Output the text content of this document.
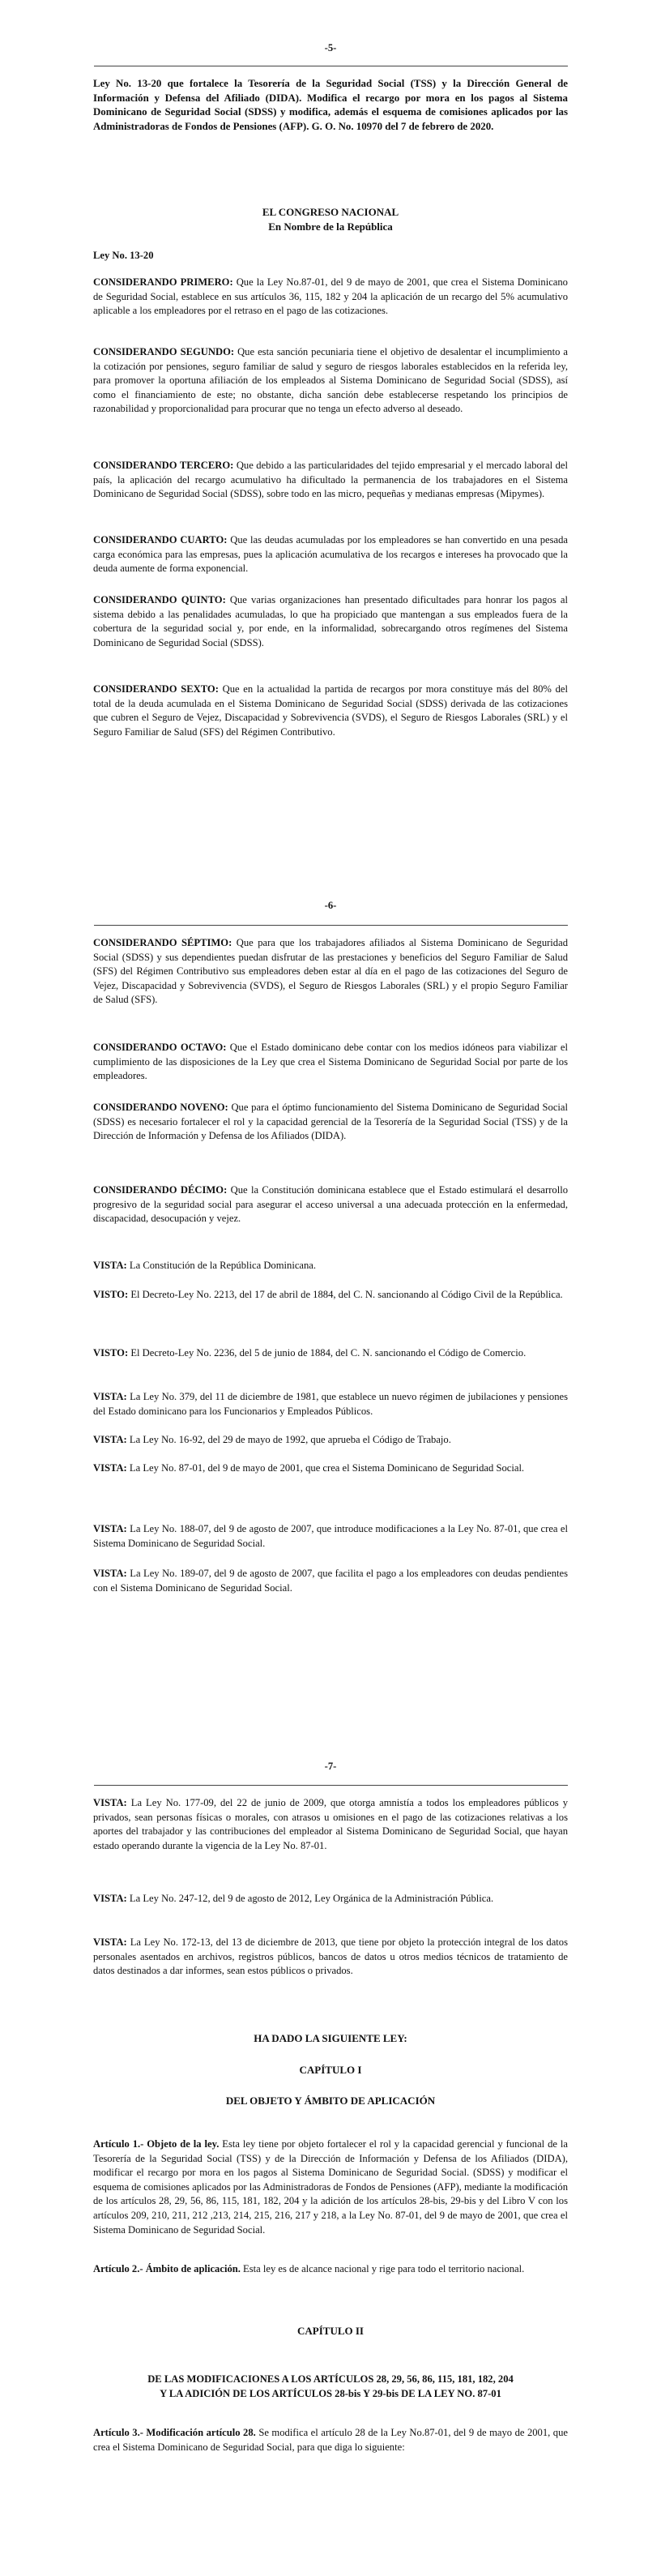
-5-
Ley No. 13-20 que fortalece la Tesorería de la Seguridad Social (TSS) y la Dirección General de Información y Defensa del Afiliado (DIDA). Modifica el recargo por mora en los pagos al Sistema Dominicano de Seguridad Social (SDSS) y modifica, además el esquema de comisiones aplicados por las Administradoras de Fondos de Pensiones (AFP). G. O. No. 10970 del 7 de febrero de 2020.
EL CONGRESO NACIONAL
En Nombre de la República
Ley No. 13-20
CONSIDERANDO PRIMERO: Que la Ley No.87-01, del 9 de mayo de 2001, que crea el Sistema Dominicano de Seguridad Social, establece en sus artículos 36, 115, 182 y 204 la aplicación de un recargo del 5% acumulativo aplicable a los empleadores por el retraso en el pago de las cotizaciones.
CONSIDERANDO SEGUNDO: Que esta sanción pecuniaria tiene el objetivo de desalentar el incumplimiento a la cotización por pensiones, seguro familiar de salud y seguro de riesgos laborales establecidos en la referida ley, para promover la oportuna afiliación de los empleados al Sistema Dominicano de Seguridad Social (SDSS), así como el financiamiento de este; no obstante, dicha sanción debe establecerse respetando los principios de razonabilidad y proporcionalidad para procurar que no tenga un efecto adverso al deseado.
CONSIDERANDO TERCERO: Que debido a las particularidades del tejido empresarial y el mercado laboral del país, la aplicación del recargo acumulativo ha dificultado la permanencia de los trabajadores en el Sistema Dominicano de Seguridad Social (SDSS), sobre todo en las micro, pequeñas y medianas empresas (Mipymes).
CONSIDERANDO CUARTO: Que las deudas acumuladas por los empleadores se han convertido en una pesada carga económica para las empresas, pues la aplicación acumulativa de los recargos e intereses ha provocado que la deuda aumente de forma exponencial.
CONSIDERANDO QUINTO: Que varias organizaciones han presentado dificultades para honrar los pagos al sistema debido a las penalidades acumuladas, lo que ha propiciado que mantengan a sus empleados fuera de la cobertura de la seguridad social y, por ende, en la informalidad, sobrecargando otros regímenes del Sistema Dominicano de Seguridad Social (SDSS).
CONSIDERANDO SEXTO: Que en la actualidad la partida de recargos por mora constituye más del 80% del total de la deuda acumulada en el Sistema Dominicano de Seguridad Social (SDSS) derivada de las cotizaciones que cubren el Seguro de Vejez, Discapacidad y Sobrevivencia (SVDS), el Seguro de Riesgos Laborales (SRL) y el Seguro Familiar de Salud (SFS) del Régimen Contributivo.
-6-
CONSIDERANDO SÉPTIMO: Que para que los trabajadores afiliados al Sistema Dominicano de Seguridad Social (SDSS) y sus dependientes puedan disfrutar de las prestaciones y beneficios del Seguro Familiar de Salud (SFS) del Régimen Contributivo sus empleadores deben estar al día en el pago de las cotizaciones del Seguro de Vejez, Discapacidad y Sobrevivencia (SVDS), el Seguro de Riesgos Laborales (SRL) y el propio Seguro Familiar de Salud (SFS).
CONSIDERANDO OCTAVO: Que el Estado dominicano debe contar con los medios idóneos para viabilizar el cumplimiento de las disposiciones de la Ley que crea el Sistema Dominicano de Seguridad Social por parte de los empleadores.
CONSIDERANDO NOVENO: Que para el óptimo funcionamiento del Sistema Dominicano de Seguridad Social (SDSS) es necesario fortalecer el rol y la capacidad gerencial de la Tesorería de la Seguridad Social (TSS) y de la Dirección de Información y Defensa de los Afiliados (DIDA).
CONSIDERANDO DÉCIMO: Que la Constitución dominicana establece que el Estado estimulará el desarrollo progresivo de la seguridad social para asegurar el acceso universal a una adecuada protección en la enfermedad, discapacidad, desocupación y vejez.
VISTA: La Constitución de la República Dominicana.
VISTO: El Decreto-Ley No. 2213, del 17 de abril de 1884, del C. N. sancionando al Código Civil de la República.
VISTO: El Decreto-Ley No. 2236, del 5 de junio de 1884, del C. N. sancionando el Código de Comercio.
VISTA: La Ley No. 379, del 11 de diciembre de 1981, que establece un nuevo régimen de jubilaciones y pensiones del Estado dominicano para los Funcionarios y Empleados Públicos.
VISTA: La Ley No. 16-92, del 29 de mayo de 1992, que aprueba el Código de Trabajo.
VISTA: La Ley No. 87-01, del 9 de mayo de 2001, que crea el Sistema Dominicano de Seguridad Social.
VISTA: La Ley No. 188-07, del 9 de agosto de 2007, que introduce modificaciones a la Ley No. 87-01, que crea el Sistema Dominicano de Seguridad Social.
VISTA: La Ley No. 189-07, del 9 de agosto de 2007, que facilita el pago a los empleadores con deudas pendientes con el Sistema Dominicano de Seguridad Social.
-7-
VISTA: La Ley No. 177-09, del 22 de junio de 2009, que otorga amnistía a todos los empleadores públicos y privados, sean personas físicas o morales, con atrasos u omisiones en el pago de las cotizaciones relativas a los aportes del trabajador y las contribuciones del empleador al Sistema Dominicano de Seguridad Social, que hayan estado operando durante la vigencia de la Ley No. 87-01.
VISTA: La Ley No. 247-12, del 9 de agosto de 2012, Ley Orgánica de la Administración Pública.
VISTA: La Ley No. 172-13, del 13 de diciembre de 2013, que tiene por objeto la protección integral de los datos personales asentados en archivos, registros públicos, bancos de datos u otros medios técnicos de tratamiento de datos destinados a dar informes, sean estos públicos o privados.
HA DADO LA SIGUIENTE LEY:
CAPÍTULO I
DEL OBJETO Y ÁMBITO DE APLICACIÓN
Artículo 1.- Objeto de la ley. Esta ley tiene por objeto fortalecer el rol y la capacidad gerencial y funcional de la Tesorería de la Seguridad Social (TSS) y de la Dirección de Información y Defensa de los Afiliados (DIDA), modificar el recargo por mora en los pagos al Sistema Dominicano de Seguridad Social. (SDSS) y modificar el esquema de comisiones aplicados por las Administradoras de Fondos de Pensiones (AFP), mediante la modificación de los artículos 28, 29, 56, 86, 115, 181, 182, 204 y la adición de los artículos 28-bis, 29-bis y del Libro V con los artículos 209, 210, 211, 212 ,213, 214, 215, 216, 217 y 218, a la Ley No. 87-01, del 9 de mayo de 2001, que crea el Sistema Dominicano de Seguridad Social.
Artículo 2.- Ámbito de aplicación. Esta ley es de alcance nacional y rige para todo el territorio nacional.
CAPÍTULO II
DE LAS MODIFICACIONES A LOS ARTÍCULOS 28, 29, 56, 86, 115, 181, 182, 204
Y LA ADICIÓN DE LOS ARTÍCULOS 28-bis Y 29-bis DE LA LEY NO. 87-01
Artículo 3.- Modificación artículo 28. Se modifica el artículo 28 de la Ley No.87-01, del 9 de mayo de 2001, que crea el Sistema Dominicano de Seguridad Social, para que diga lo siguiente:
